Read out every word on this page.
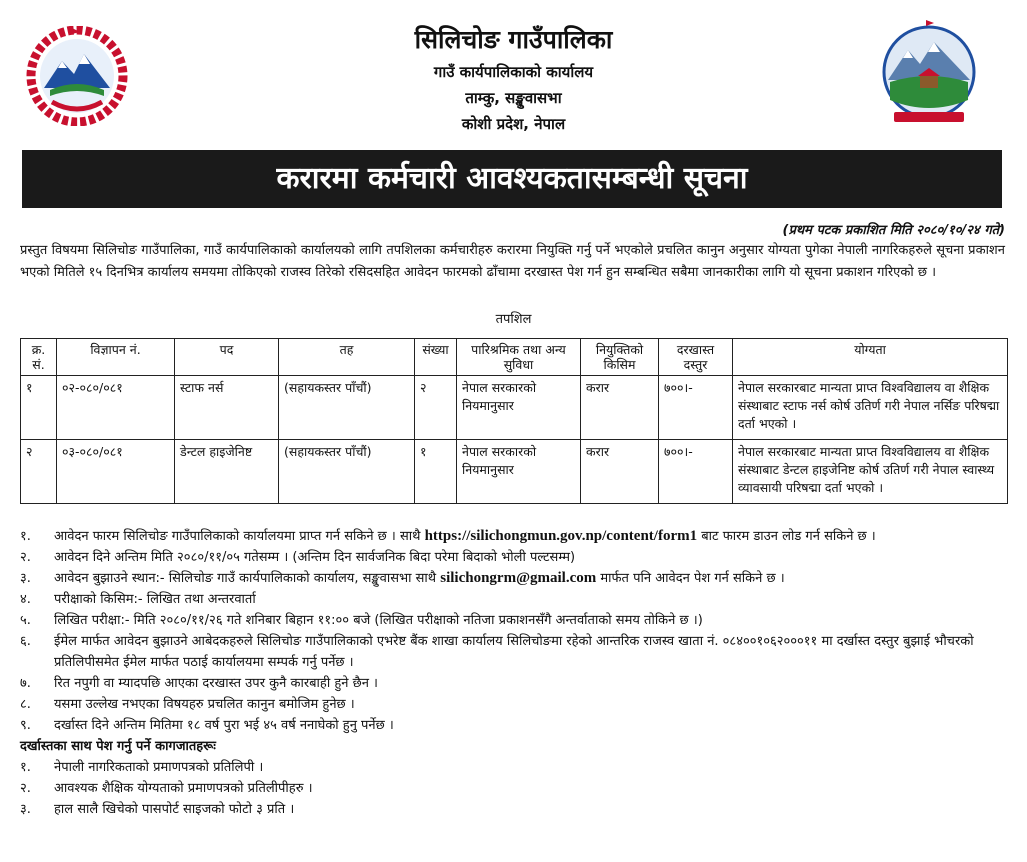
सिलिचोङ गाउँपालिका
गाउँ कार्यपालिकाको कार्यालय
ताम्कु, सङ्खुवासभा
कोशी प्रदेश, नेपाल
करारमा कर्मचारी आवश्यकतासम्बन्धी सूचना
(प्रथम पटक प्रकाशित मिति २०८०/१०/२४ गते)
प्रस्तुत विषयमा सिलिचोङ गाउँपालिका, गाउँ कार्यपालिकाको कार्यालयको लागि तपशिलका कर्मचारीहरु करारमा नियुक्ति गर्नु पर्ने भएकोले प्रचलित कानुन अनुसार योग्यता पुगेका नेपाली नागरिकहरुले सूचना प्रकाशन भएको मितिले १५ दिनभित्र कार्यालय समयमा तोकिएको राजस्व तिरेको रसिदसहित आवेदन फारमको ढाँचामा दरखास्त पेश गर्न हुन सम्बन्धित सबैमा जानकारीका लागि यो सूचना प्रकाशन गरिएको छ ।
तपशिल
क्र. सं.	विज्ञापन नं.	पद	तह	संख्या	पारिश्रमिक तथा अन्य सुविधा	नियुक्तिको किसिम	दरखास्त दस्तुर	योग्यता
१	०२-०८०/०८१	स्टाफ नर्स	(सहायकस्तर पाँचौं)	२	नेपाल सरकारको नियमानुसार	करार	७००।-	नेपाल सरकारबाट मान्यता प्राप्त विश्वविद्यालय वा शैक्षिक संस्थाबाट स्टाफ नर्स कोर्ष उतिर्ण गरी नेपाल नर्सिङ परिषद्मा दर्ता भएको ।
२	०३-०८०/०८१	डेन्टल हाइजेनिष्ट	(सहायकस्तर पाँचौं)	१	नेपाल सरकारको नियमानुसार	करार	७००।-	नेपाल सरकारबाट मान्यता प्राप्त विश्वविद्यालय वा शैक्षिक संस्थाबाट डेन्टल हाइजेनिष्ट कोर्ष उतिर्ण गरी नेपाल स्वास्थ्य व्यावसायी परिषद्मा दर्ता भएको ।
१.	आवेदन फारम सिलिचोङ गाउँपालिकाको कार्यालयमा प्राप्त गर्न सकिने छ । साथै https://silichongmun.gov.np/content/form1 बाट फारम डाउन लोड गर्न सकिने छ ।
२.	आवेदन दिने अन्तिम मिति २०८०/११/०५ गतेसम्म । (अन्तिम दिन सार्वजनिक बिदा परेमा बिदाको भोली पल्टसम्म)
३.	आवेदन बुझाउने स्थान:- सिलिचोङ गाउँ कार्यपालिकाको कार्यालय, सङ्खुवासभा साथै silichongrm@gmail.com मार्फत पनि आवेदन पेश गर्न सकिने छ ।
४.	परीक्षाको किसिम:- लिखित तथा अन्तरवार्ता
५.	लिखित परीक्षा:- मिति २०८०/११/२६ गते शनिबार बिहान ११:०० बजे (लिखित परीक्षाको नतिजा प्रकाशनसँगै अन्तर्वाताको समय तोकिने छ ।)
६.	ईमेल मार्फत आवेदन बुझाउने आबेदकहरुले सिलिचोङ गाउँपालिकाको एभरेष्ट बैंक शाखा कार्यालय सिलिचोङमा रहेको आन्तरिक राजस्व खाता नं. ०८४००१०६२०००११ मा दर्खास्त दस्तुर बुझाई भौचरको प्रतिलिपीसमेत ईमेल मार्फत पठाई कार्यालयमा सम्पर्क गर्नु पर्नेछ ।
७.	रित नपुगी वा म्यादपछि आएका दरखास्त उपर कुनै कारबाही हुने छैन ।
८.	यसमा उल्लेख नभएका विषयहरु प्रचलित कानुन बमोजिम हुनेछ ।
९.	दर्खास्त दिने अन्तिम मितिमा १८ वर्ष पुरा भई ४५ वर्ष ननाघेको हुनु पर्नेछ ।
दर्खास्तका साथ पेश गर्नु पर्ने कागजातहरूः
१.	नेपाली नागरिकताको प्रमाणपत्रको प्रतिलिपी ।
२.	आवश्यक शैक्षिक योग्यताको प्रमाणपत्रको प्रतिलीपीहरु ।
३.	हाल सालै खिचेको पासपोर्ट साइजको फोटो ३ प्रति ।
